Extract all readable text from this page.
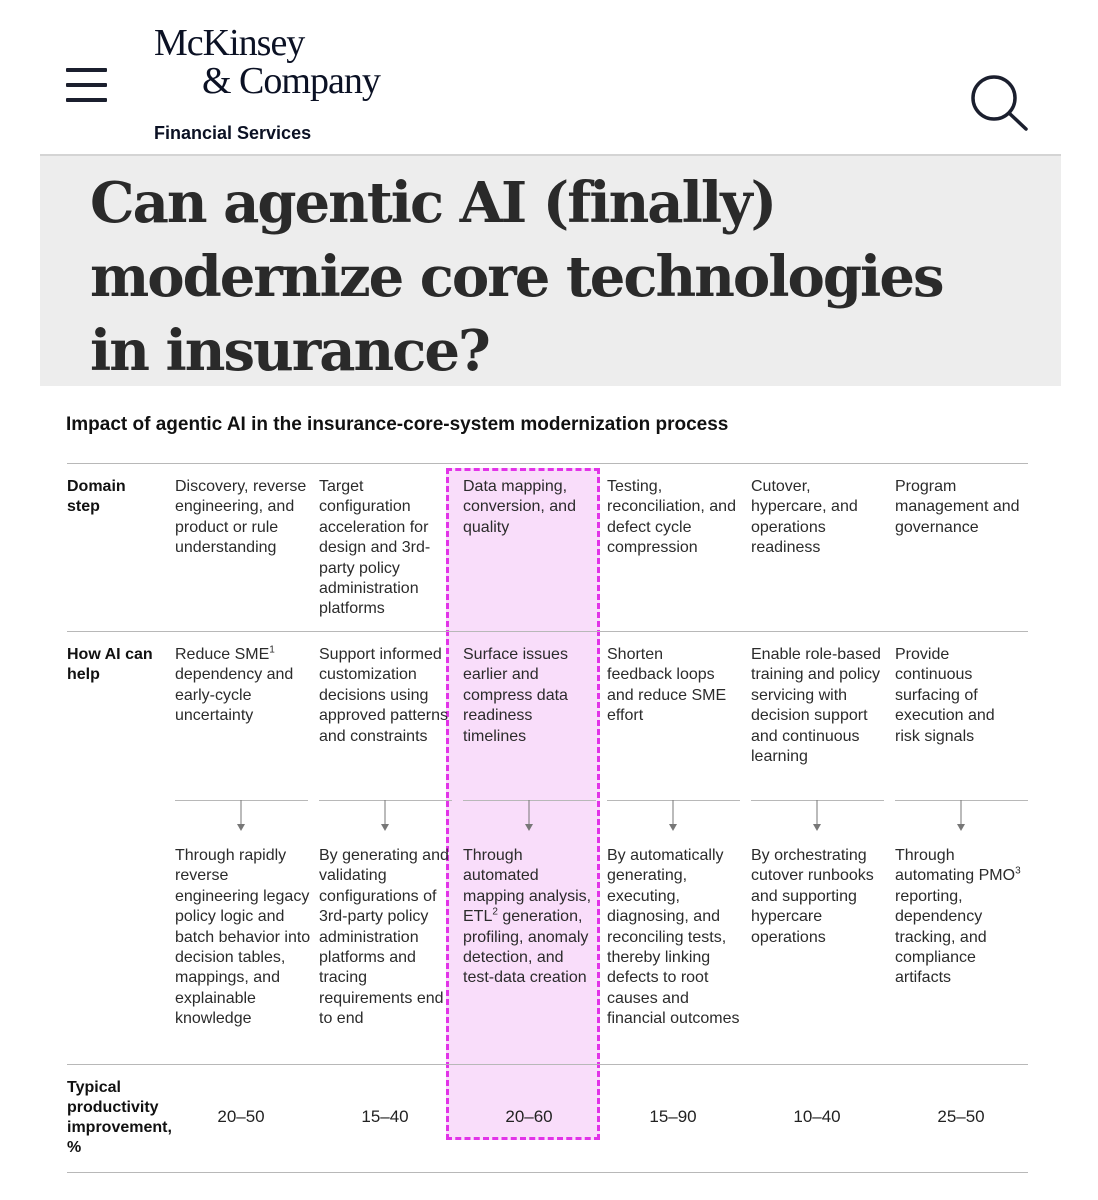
McKinsey
& Company
Financial Services
Can agentic AI (finally) modernize core technologies in insurance?
Impact of agentic AI in the insurance-core-system modernization process
Domain step
How AI can help
Typical productivity improvement, %
Discovery, reverse engineering, and product or rule understanding
Reduce SME$^1$ dependency and early-cycle uncertainty
Through rapidly reverse engineering legacy policy logic and batch behavior into decision tables, mappings, and explainable knowledge
20–50
Target configuration acceleration for design and 3rd-party policy administration platforms
Support informed customization decisions using approved patterns and constraints
By generating and validating configurations of 3rd-party policy administration platforms and tracing requirements end to end
15–40
Data mapping, conversion, and quality
Surface issues earlier and compress data readiness timelines
Through automated mapping analysis, ETL$^2$ generation, profiling, anomaly detection, and test-data creation
20–60
Testing, reconciliation, and defect cycle compression
Shorten feedback loops and reduce SME effort
By automatically generating, executing, diagnosing, and reconciling tests, thereby linking defects to root causes and financial outcomes
15–90
Cutover, hypercare, and operations readiness
Enable role-based training and policy servicing with decision support and continuous learning
By orchestrating cutover runbooks and supporting hypercare operations
10–40
Program management and governance
Provide continuous surfacing of execution and risk signals
Through automating PMO$^3$ reporting, dependency tracking, and compliance artifacts
25–50
